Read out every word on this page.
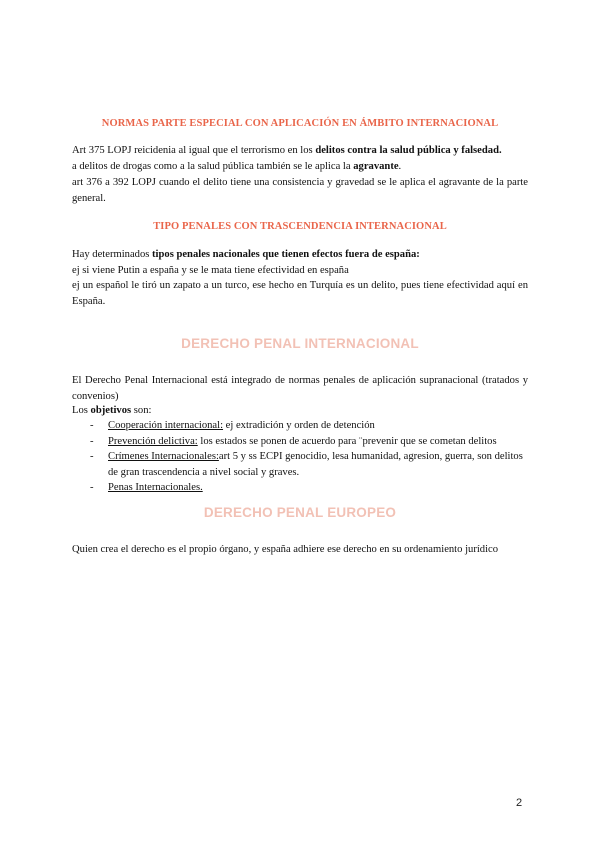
NORMAS PARTE ESPECIAL CON APLICACIÓN EN ÁMBITO INTERNACIONAL
Art 375 LOPJ reicidenia al igual que el terrorismo en los delitos contra la salud pública y falsedad.
a delitos de drogas como a la salud pública también se le aplica la agravante.
art 376 a 392 LOPJ cuando el delito tiene una consistencia y gravedad se le aplica el agravante de la parte general.
TIPO PENALES CON TRASCENDENCIA INTERNACIONAL
Hay determinados tipos penales nacionales que tienen efectos fuera de españa:
ej si viene Putin a españa y se le mata tiene efectividad en españa
ej un español le tiró un zapato a un turco, ese hecho en Turquía es un delito, pues tiene efectividad aquí en España.
DERECHO PENAL INTERNACIONAL
El Derecho Penal Internacional está integrado de normas penales de aplicación supranacional (tratados y convenios)
Los objetivos son:
- Cooperación internacional: ej extradición y orden de detención
- Prevención delictiva: los estados se ponen de acuerdo para ¨prevenir que se cometan delitos
- Crímenes Internacionales:art 5 y ss ECPI genocidio, lesa humanidad, agresion, guerra, son delitos de gran trascendencia a nivel social y graves.
- Penas Internacionales.
DERECHO PENAL EUROPEO
Quien crea el derecho es el propio órgano, y españa adhiere ese derecho en su ordenamiento jurídico
2
